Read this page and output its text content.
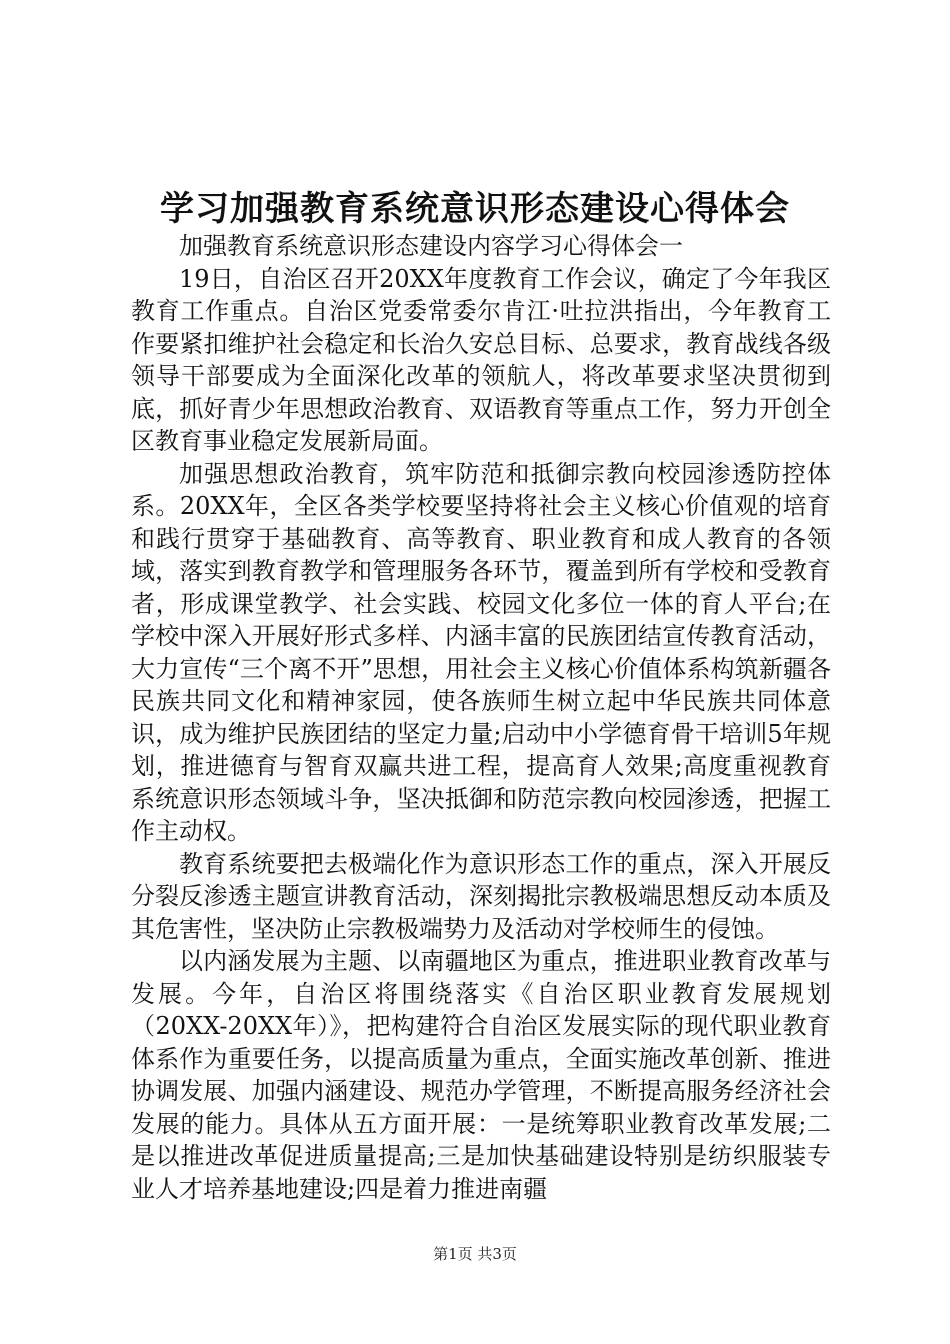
学习加强教育系统意识形态建设心得体会

加强教育系统意识形态建设内容学习心得体会一

19日，自治区召开20XX年度教育工作会议，确定了今年我区教育工作重点。自治区党委常委尔肯江·吐拉洪指出，今年教育工作要紧扣维护社会稳定和长治久安总目标、总要求，教育战线各级领导干部要成为全面深化改革的领航人，将改革要求坚决贯彻到底，抓好青少年思想政治教育、双语教育等重点工作，努力开创全区教育事业稳定发展新局面。

加强思想政治教育，筑牢防范和抵御宗教向校园渗透防控体系。20XX年，全区各类学校要坚持将社会主义核心价值观的培育和践行贯穿于基础教育、高等教育、职业教育和成人教育的各领域，落实到教育教学和管理服务各环节，覆盖到所有学校和受教育者，形成课堂教学、社会实践、校园文化多位一体的育人平台;在学校中深入开展好形式多样、内涵丰富的民族团结宣传教育活动，大力宣传“三个离不开”思想，用社会主义核心价值体系构筑新疆各民族共同文化和精神家园，使各族师生树立起中华民族共同体意识，成为维护民族团结的坚定力量;启动中小学德育骨干培训5年规划，推进德育与智育双赢共进工程，提高育人效果;高度重视教育系统意识形态领域斗争，坚决抵御和防范宗教向校园渗透，把握工作主动权。

教育系统要把去极端化作为意识形态工作的重点，深入开展反分裂反渗透主题宣讲教育活动，深刻揭批宗教极端思想反动本质及其危害性，坚决防止宗教极端势力及活动对学校师生的侵蚀。

以内涵发展为主题、以南疆地区为重点，推进职业教育改革与发展。今年，自治区将围绕落实《自治区职业教育发展规划（20XX-20XX年）》，把构建符合自治区发展实际的现代职业教育体系作为重要任务，以提高质量为重点，全面实施改革创新、推进协调发展、加强内涵建设、规范办学管理，不断提高服务经济社会发展的能力。具体从五方面开展：一是统筹职业教育改革发展;二是以推进改革促进质量提高;三是加快基础建设特别是纺织服装专业人才培养基地建设;四是着力推进南疆

第1页 共3页
